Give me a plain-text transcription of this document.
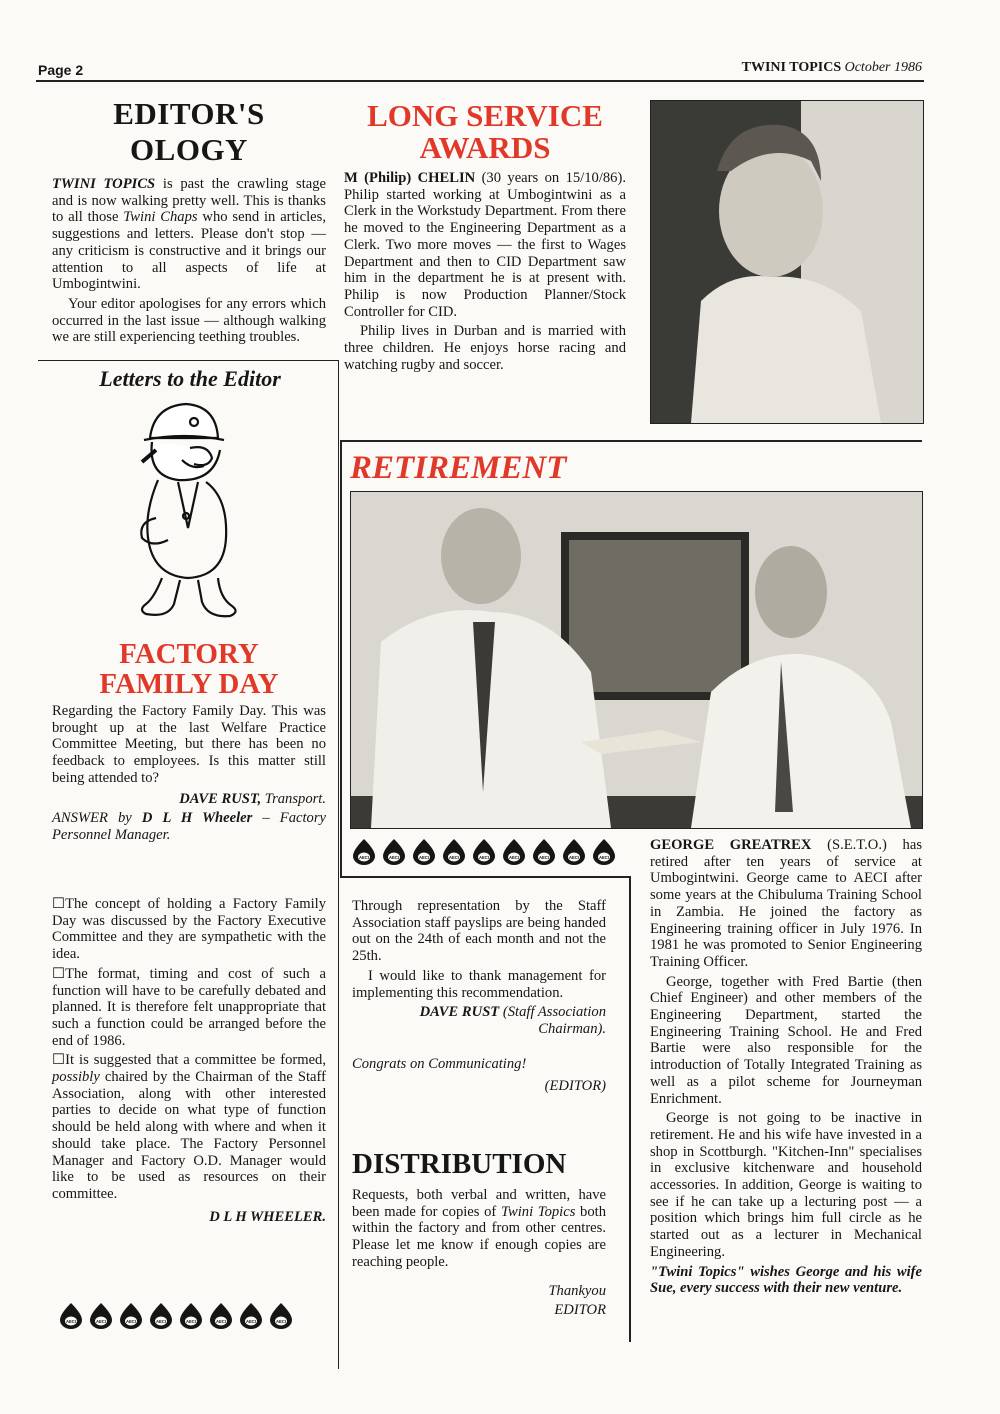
Page 2	TWINI TOPICS October 1986
EDITOR'S OLOGY

TWINI TOPICS is past the crawling stage and is now walking pretty well. This is thanks to all those Twini Chaps who send in articles, suggestions and letters. Please don't stop —any criticism is constructive and it brings our attention to all aspects of life at Umbogintwini.

Your editor apologises for any errors which occurred in the last issue — although walking we are still experiencing teething troubles.

Letters to the Editor
FACTORY
FAMILY DAY

Regarding the Factory Family Day. This was brought up at the last Welfare Practice Committee Meeting, but there has been no feedback to employees. Is this matter still being attended to?

DAVE RUST, Transport.

ANSWER by D L H Wheeler – Factory Personnel Manager.

☐The concept of holding a Factory Family Day was discussed by the Factory Executive Committee and they are sympathetic with the idea.

☐The format, timing and cost of such a function will have to be carefully debated and planned. It is therefore felt unappropriate that such a function could be arranged before the end of 1986.

☐It is suggested that a committee be formed, possibly chaired by the Chairman of the Staff Association, along with other interested parties to decide on what type of function should be held along with where and when it should take place. The Factory Personnel Manager and Factory O.D. Manager would like to be used as resources on their committee.

D L H WHEELER.

AECI	AECI	AECI	AECI	AECI	AECI	AECI	AECI
LONG SERVICE
AWARDS

M (Philip) CHELIN (30 years on 15/10/86). Philip started working at Umbogintwini as a Clerk in the Workstudy Department. From there he moved to the Engineering Department as a Clerk. Two more moves — the first to Wages Department and then to CID Department saw him in the department he is at present with. Philip is now Production Planner/Stock Controller for CID.

Philip lives in Durban and is married with three children. He enjoys horse racing and watching rugby and soccer.

RETIREMENT
AECI	AECI	AECI	AECI	AECI	AECI	AECI	AECI	AECI

Through representation by the Staff Association staff payslips are being handed out on the 24th of each month and not the 25th.

I would like to thank management for implementing this recommendation.

DAVE RUST (Staff Association Chairman).

Congrats on Communicating!

(EDITOR)

DISTRIBUTION

Requests, both verbal and written, have been made for copies of Twini Topics both within the factory and from other centres. Please let me know if enough copies are reaching people.

Thankyou

EDITOR

GEORGE GREATREX (S.E.T.O.) has retired after ten years of service at Umbogintwini. George came to AECI after some years at the Chibuluma Training School in Zambia. He joined the factory as Engineering training officer in July 1976. In 1981 he was promoted to Senior Engineering Training Officer.

George, together with Fred Bartie (then Chief Engineer) and other members of the Engineering Department, started the Engineering Training School. He and Fred Bartie were also responsible for the introduction of Totally Integrated Training as well as a pilot scheme for Journeyman Enrichment.

George is not going to be inactive in retirement. He and his wife have invested in a shop in Scottburgh. "Kitchen-Inn" specialises in exclusive kitchenware and household accessories. In addition, George is waiting to see if he can take up a lecturing post — a position which brings him full circle as he started out as a lecturer in Mechanical Engineering.

"Twini Topics" wishes George and his wife Sue, every success with their new venture.
